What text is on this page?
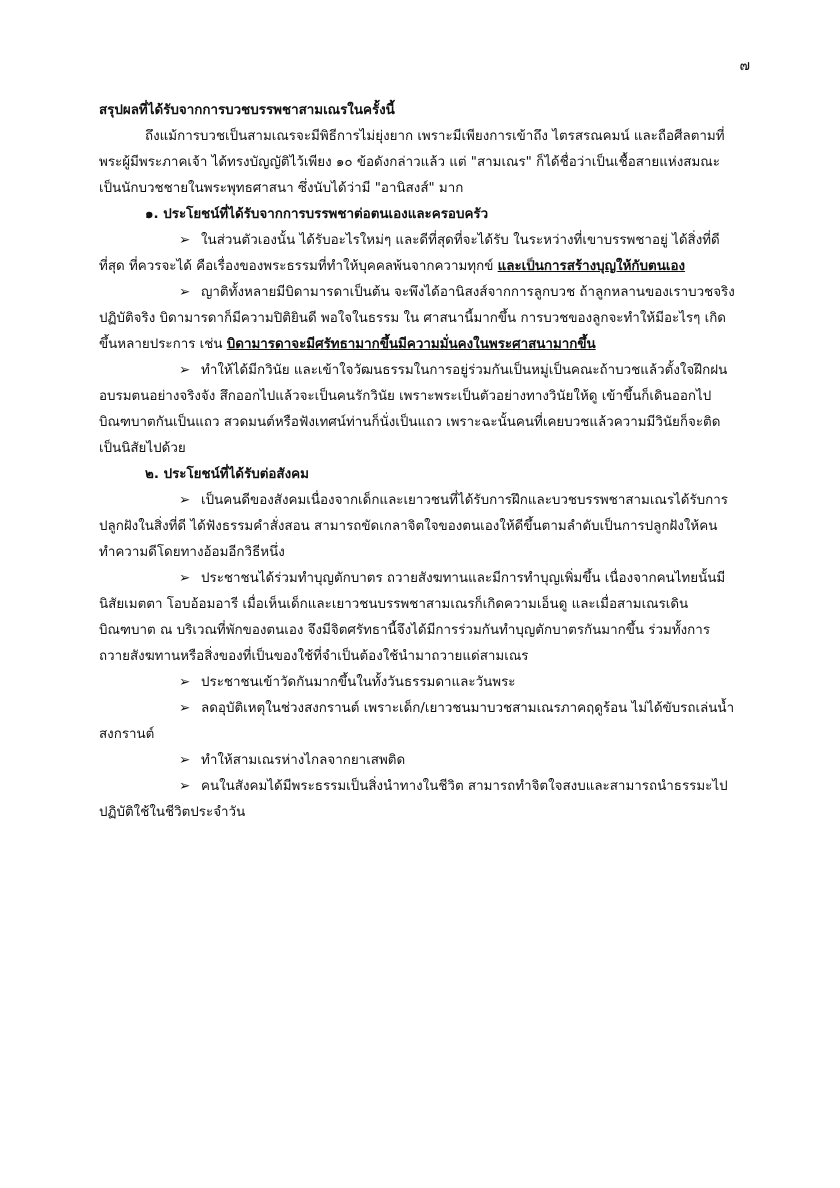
๗

สรุปผลที่ได้รับจากการบวชบรรพชาสามเณรในครั้งนี้

ถึงแม้การบวชเป็นสามเณรจะมีพิธีการไม่ยุ่งยาก เพราะมีเพียงการเข้าถึง ไตรสรณคมน์ และถือศีลตามที่พระผู้มีพระภาคเจ้า ได้ทรงบัญญัติไว้เพียง ๑๐ ข้อดังกล่าวแล้ว แต่ "สามเณร" ก็ได้ชื่อว่าเป็นเชื้อสายแห่งสมณะ เป็นนักบวชชายในพระพุทธศาสนา ซึ่งนับได้ว่ามี "อานิสงส์" มาก

๑. ประโยชน์ที่ได้รับจากการบรรพชาต่อตนเองและครอบครัว

➢ ในส่วนตัวเองนั้น ได้รับอะไรใหม่ๆ และดีที่สุดที่จะได้รับ ในระหว่างที่เขาบรรพชาอยู่ ได้สิ่งที่ดีที่สุด ที่ควรจะได้ คือเรื่องของพระธรรมที่ทำให้บุคคลพ้นจากความทุกข์ และเป็นการสร้างบุญให้กับตนเอง

➢ ญาติทั้งหลายมีบิดามารดาเป็นต้น จะพึงได้อานิสงส์จากการลูกบวช ถ้าลูกหลานของเราบวชจริง ปฏิบัติจริง บิดามารดาก็มีความปิติยินดี พอใจในธรรม ใน ศาสนานี้มากขึ้น การบวชของลูกจะทำให้มีอะไรๆ เกิดขึ้นหลายประการ เช่น บิดามารดาจะมีศรัทธามากขึ้นมีความมั่นคงในพระศาสนามากขึ้น

➢ ทำให้ได้มีกวินัย และเข้าใจวัฒนธรรมในการอยู่ร่วมกันเป็นหมู่เป็นคณะถ้าบวชแล้วตั้งใจฝึกฝนอบรมตนอย่างจริงจัง สึกออกไปแล้วจะเป็นคนรักวินัย เพราะพระเป็นตัวอย่างทางวินัยให้ดู เข้าขึ้นก็เดินออกไปบิณฑบาตกันเป็นแถว สวดมนต์หรือฟังเทศน์ท่านก็นั่งเป็นแถว เพราะฉะนั้นคนที่เคยบวชแล้วความมีวินัยก็จะติดเป็นนิสัยไปด้วย

๒. ประโยชน์ที่ได้รับต่อสังคม

➢ เป็นคนดีของสังคมเนื่องจากเด็กและเยาวชนที่ได้รับการฝึกและบวชบรรพชาสามเณรได้รับการปลูกฝังในสิ่งที่ดี ได้ฟังธรรมคำสั่งสอน สามารถขัดเกลาจิตใจของตนเองให้ดีขึ้นตามลำดับเป็นการปลูกฝังให้คนทำความดีโดยทางอ้อมอีกวิธีหนึ่ง

➢ ประชาชนได้ร่วมทำบุญตักบาตร ถวายสังฆทานและมีการทำบุญเพิ่มขึ้น เนื่องจากคนไทยนั้นมีนิสัยเมตตา โอบอ้อมอารี เมื่อเห็นเด็กและเยาวชนบรรพชาสามเณรก็เกิดความเอ็นดู และเมื่อสามเณรเดินบิณฑบาต ณ บริเวณที่พักของตนเอง จึงมีจิตศรัทธานี้จึงได้มีการร่วมกันทำบุญตักบาตรกันมากขึ้น ร่วมทั้งการถวายสังฆทานหรือสิ่งของที่เป็นของใช้ที่จำเป็นต้องใช้นำมาถวายแด่สามเณร

➢ ประชาชนเข้าวัดกันมากขึ้นในทั้งวันธรรมดาและวันพระ

➢ ลดอุบัติเหตุในช่วงสงกรานต์ เพราะเด็ก/เยาวชนมาบวชสามเณรภาคฤดูร้อน ไม่ได้ขับรถเล่นน้ำสงกรานต์

➢ ทำให้สามเณรห่างไกลจากยาเสพติด

➢ คนในสังคมได้มีพระธรรมเป็นสิ่งนำทางในชีวิต สามารถทำจิตใจสงบและสามารถนำธรรมะไปปฏิบัติใช้ในชีวิตประจำวัน
